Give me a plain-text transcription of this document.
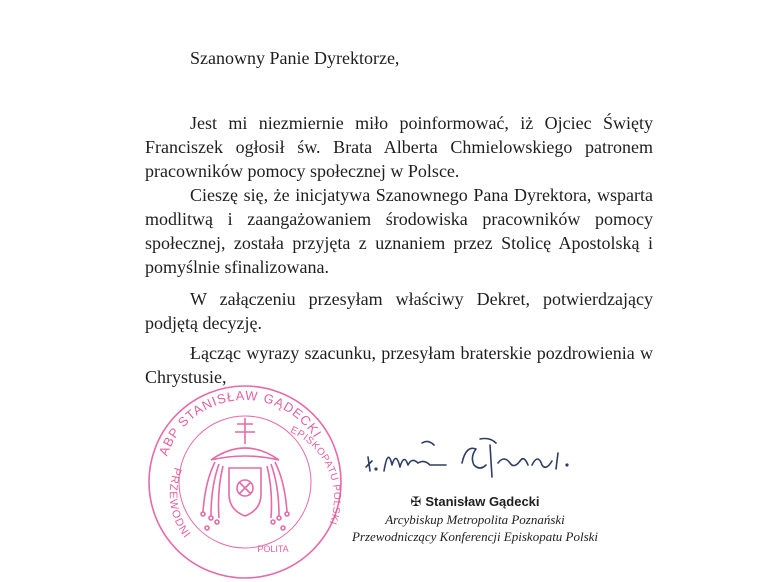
Szanowny Panie Dyrektorze,

Jest mi niezmiernie miło poinformować, iż Ojciec Święty Franciszek ogłosił św. Brata Alberta Chmielowskiego patronem pracowników pomocy społecznej w Polsce.

Cieszę się, że inicjatywa Szanownego Pana Dyrektora, wsparta modlitwą i zaangażowaniem środowiska pracowników pomocy społecznej, została przyjęta z uznaniem przez Stolicę Apostolską i pomyślnie sfinalizowana.

W załączeniu przesyłam właściwy Dekret, potwierdzający podjętą decyzję.

Łącząc wyrazy szacunku, przesyłam braterskie pozdrowienia w Chrystusie,

ABP STANISŁAW GĄDECKI
PRZEWODNI
EPISKOPATU POLSKI
POLITA
✠ Stanisław Gądecki
Arcybiskup Metropolita Poznański
Przewodniczący Konferencji Episkopatu Polski
